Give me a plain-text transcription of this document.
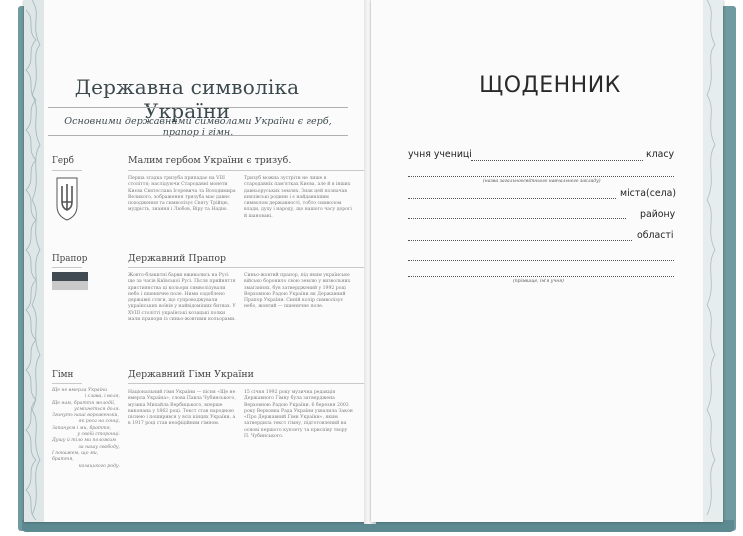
Державна символіка України
Основними державними символами України є герб, прапор і гімн.
Герб	Малим гербом України є тризуб.
Перша згадка тризуба припадає на VIII століття; наслідуючи Стародавні монети Києва Святослава Ігоревича та Володимира Великого, зображення тризуба має давнє походження та символізує Святу Трійцю, мудрість, знання і Любов, Віру та Надію.
Тризуб можна зустріти не лише в стародавніх пам'ятках Києва, але й в інших давньоруських землях. Знак цей позначав князівські родини і є найдавнішим символом державності, тобто символом влади, духу і народу, що нашого часу дорогі й шановані.
Прапор	Державний Прапор
Жовто-блакитні барви вживались на Русі ще за часів Київської Русі. Після прийняття християнства ці кольори символізували небо і пшеничне поле. Ними оздоблено державні стяги, що супроводжували українських воїнів у найвідоміших битвах. У XVIII столітті українські козацькі полки мали прапори із синьо-жовтими кольорами.
Синьо-жовтий прапор, під яким українське військо боронило свою землю у визвольних змаганнях, був затверджений у 1992 році Верховною Радою України як Державний Прапор України. Синій колір символізує небо, жовтий — пшеничне поле.
Гімн	Державний Гімн України
Ще не вмерла України
і слава, і воля,
Ще нам, браття молодії,
усміхнеться доля.
Згинуть наші вороженьки,
як роса на сонці,
Запануєм і ми, браття,
у своїй сторонці.
Душу й тіло ми положим
за нашу свободу,
І покажем, що ми, браття,
козацького роду.
Національний гімн України — пісня «Ще не вмерла Україна», слова Павла Чубинського, музика Михайла Вербицького, вперше виконана у 1862 році. Текст став народною піснею і поширився у всіх кінцях України, а в 1917 році став неофіційним гімном.
15 січня 1992 року музична редакція Державного Гімну була затверджена Верховною Радою України. 6 березня 2003 року Верховна Рада України ухвалила Закон «Про Державний Гімн України», яким затвердила текст гімну, підготовлений на основі першого куплету та приспіву твору П. Чубинського.
ЩОДЕННИК
учня учениці	класу
(назва загальноосвітнього навчального закладу)
міста(села)
району
області
(прізвище, ім'я учня)
